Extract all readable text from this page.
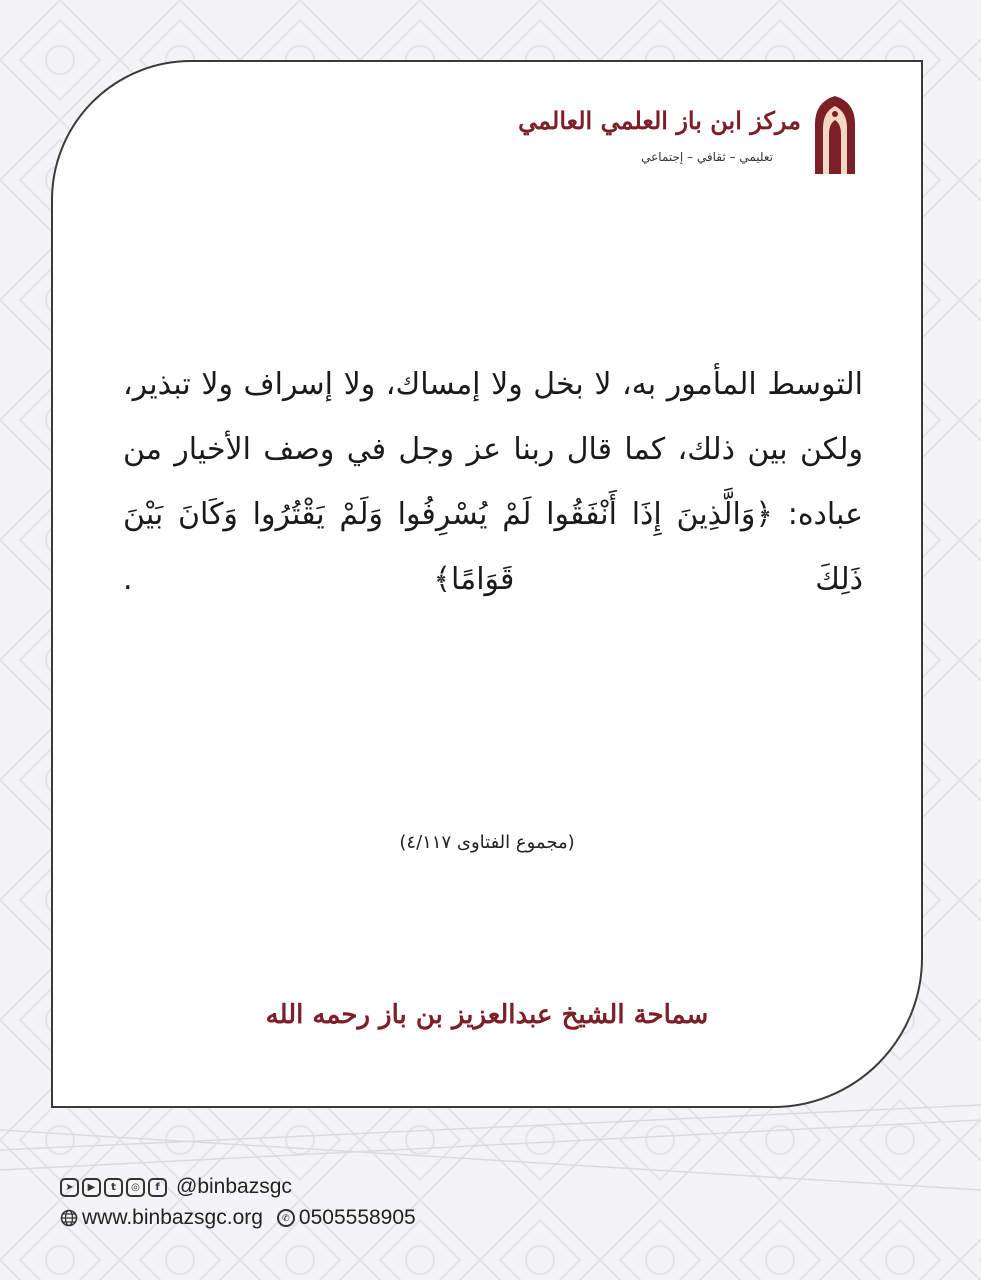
مركز ابن باز العلمي العالمي
تعليمي – ثقافي – إجتماعي
التوسط المأمور به، لا بخل ولا إمساك، ولا إسراف ولا تبذير، ولكن بين ذلك، كما قال ربنا عز وجل في وصف الأخيار من عباده: ﴿وَالَّذِينَ إِذَا أَنْفَقُوا لَمْ يُسْرِفُوا وَلَمْ يَقْتُرُوا وَكَانَ بَيْنَ ذَلِكَ قَوَامًا﴾ .
(مجموع الفتاوى ٤/١١٧)
سماحة الشيخ عبدالعزيز بن باز رحمه الله
➤	▶	t	◎	f @binbazsgc
www.binbazsgc.org	✆ 0505558905
